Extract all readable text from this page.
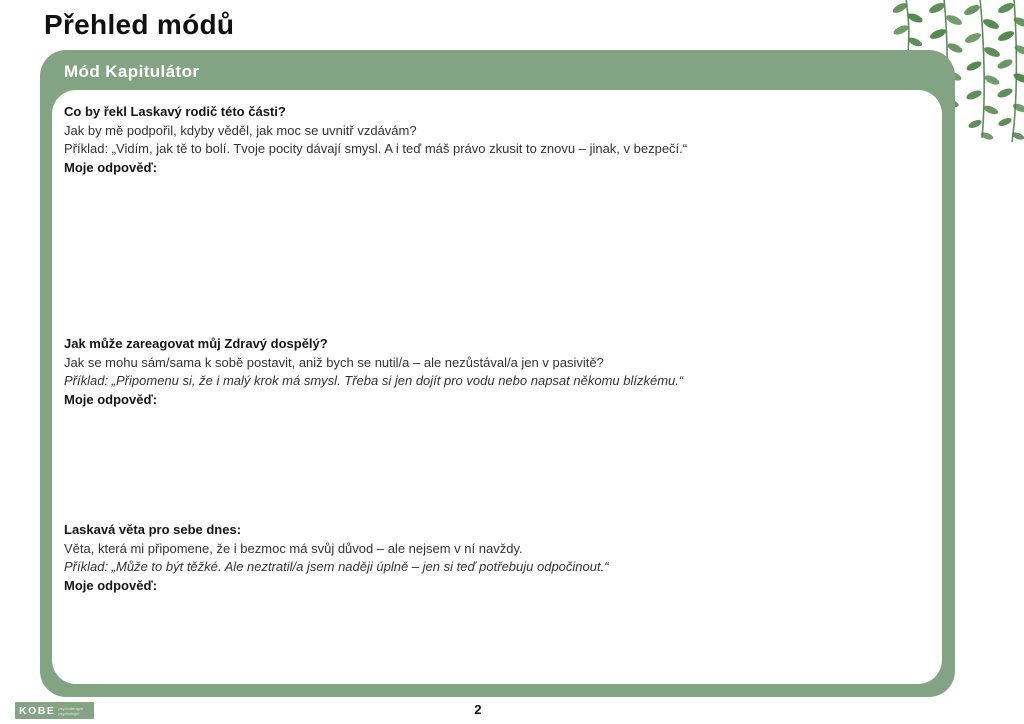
Přehled módů
Mód Kapitulátor

Co by řekl Laskavý rodič této části?

Jak by mě podpořil, kdyby věděl, jak moc se uvnitř vzdávám?

Příklad: „Vidím, jak tě to bolí. Tvoje pocity dávají smysl. A i teď máš právo zkusit to znovu – jinak, v bezpečí.“

Moje odpověď:

Jak může zareagovat můj Zdravý dospělý?

Jak se mohu sám/sama k sobě postavit, aniž bych se nutil/a – ale nezůstával/a jen v pasivitě?

Příklad: „Připomenu si, že i malý krok má smysl. Třeba si jen dojít pro vodu nebo napsat někomu blízkému.“

Moje odpověď:

Laskavá věta pro sebe dnes:

Věta, která mi připomene, že i bezmoc má svůj důvod – ale nejsem v ní navždy.

Příklad: „Může to být těžké. Ale neztratil/a jsem naději úplně – jen si teď potřebuju odpočinout.“

Moje odpověď:

KOBE psychoterapie
psychologie	2
